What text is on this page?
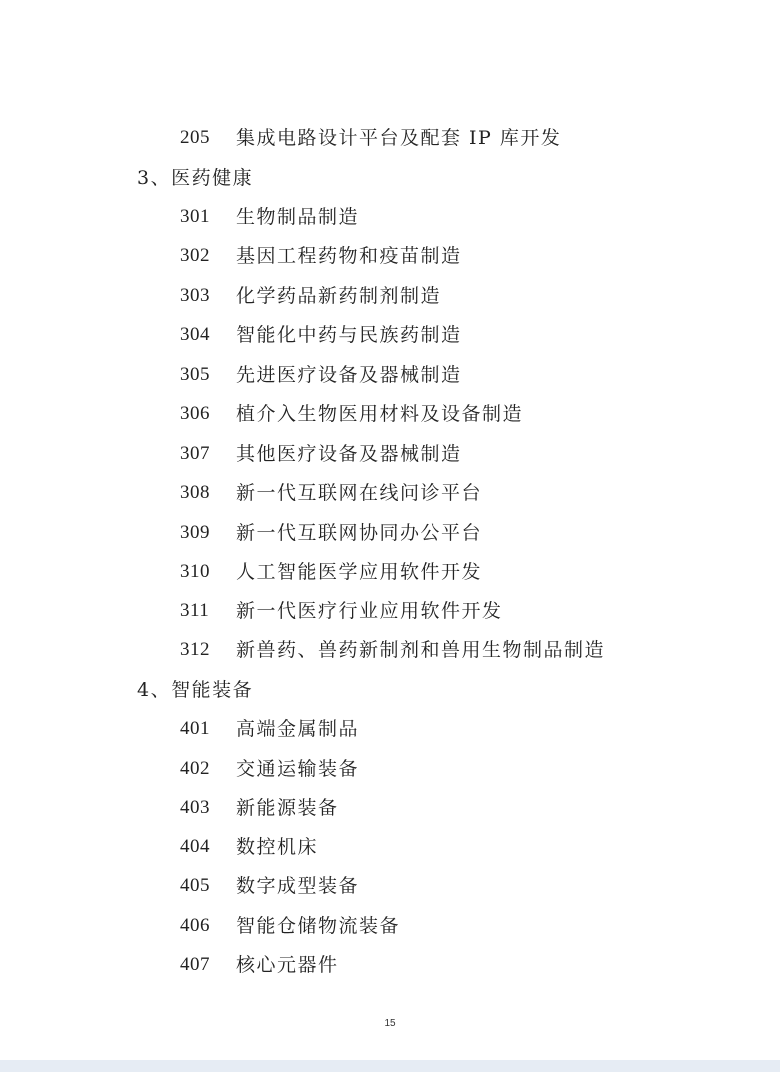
205	集成电路设计平台及配套 IP 库开发
3、医药健康
301	生物制品制造
302	基因工程药物和疫苗制造
303	化学药品新药制剂制造
304	智能化中药与民族药制造
305	先进医疗设备及器械制造
306	植介入生物医用材料及设备制造
307	其他医疗设备及器械制造
308	新一代互联网在线问诊平台
309	新一代互联网协同办公平台
310	人工智能医学应用软件开发
311	新一代医疗行业应用软件开发
312	新兽药、兽药新制剂和兽用生物制品制造
4、智能装备
401	高端金属制品
402	交通运输装备
403	新能源装备
404	数控机床
405	数字成型装备
406	智能仓储物流装备
407	核心元器件
15
